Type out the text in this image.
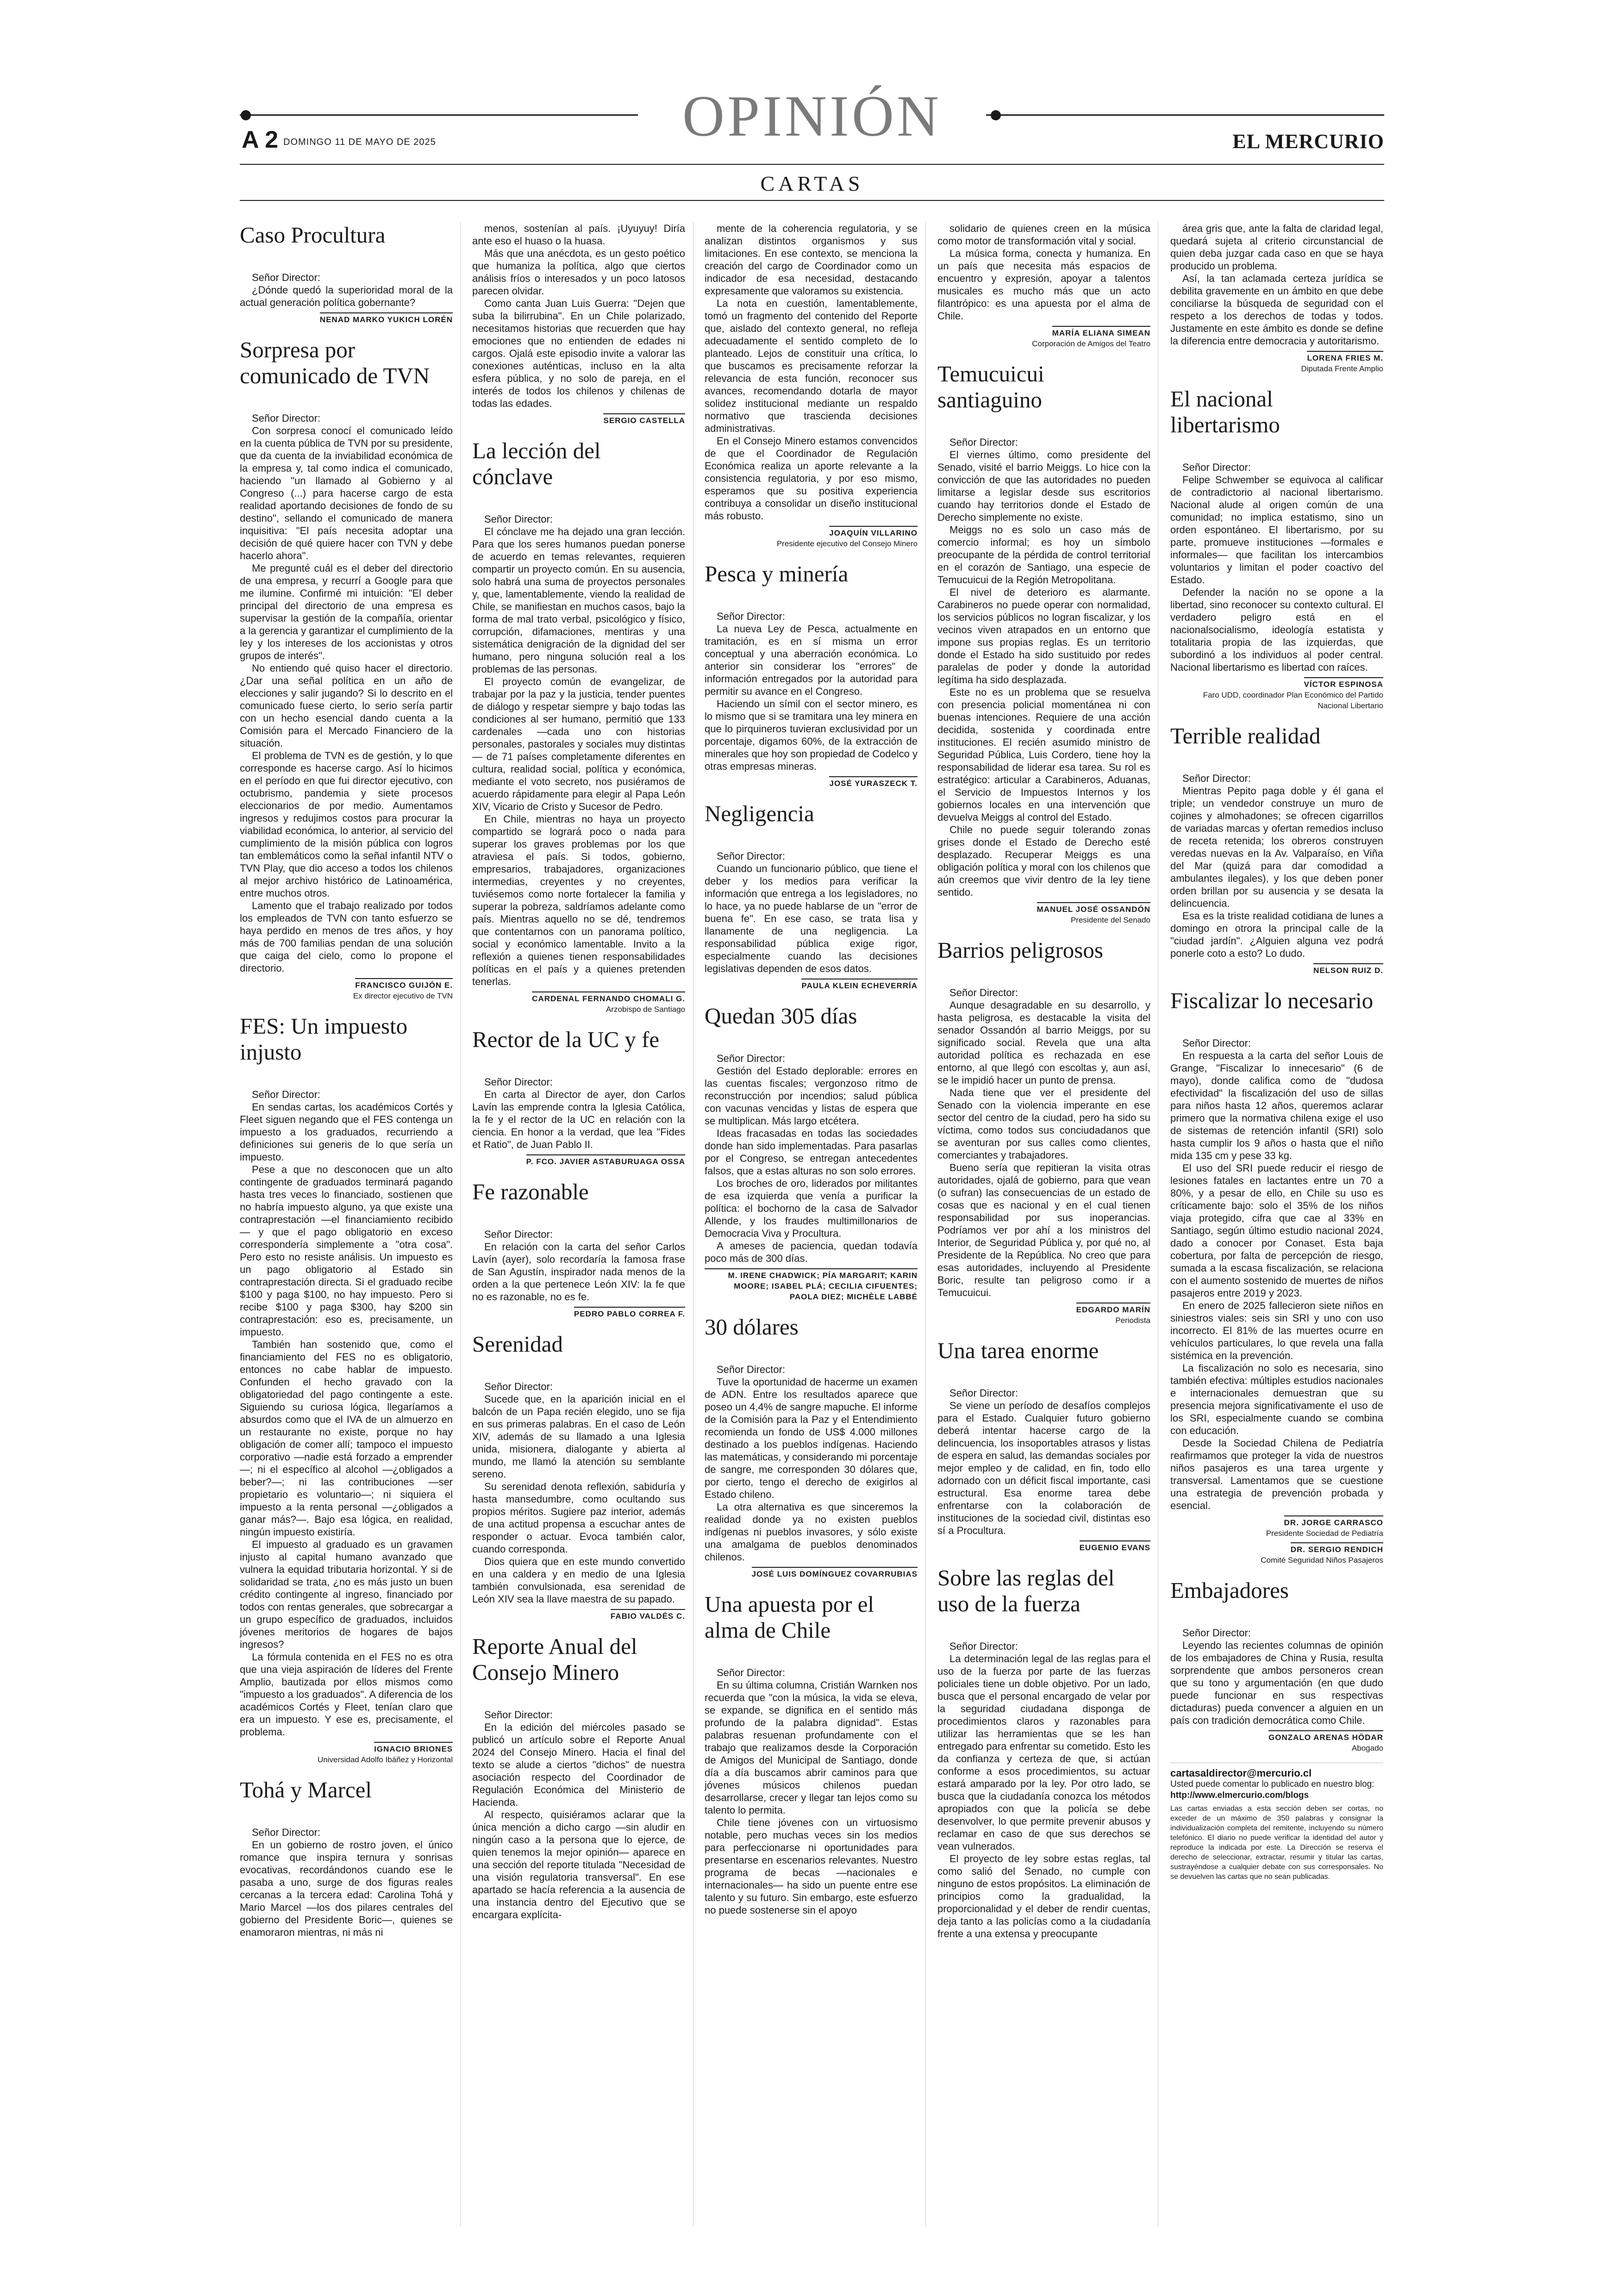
OPINIÓN
A 2 DOMINGO 11 DE MAYO DE 2025	EL MERCURIO
CARTAS
Caso Procultura
Señor Director:

¿Dónde quedó la superioridad moral de la actual generación política gobernante?

NENAD MARKO YUKICH LORÉN
Sorpresa por comunicado de TVN
Señor Director:

Con sorpresa conocí el comunicado leído en la cuenta pública de TVN por su presidente, que da cuenta de la inviabilidad económica de la empresa y, tal como indica el comunicado, haciendo "un llamado al Gobierno y al Congreso (...) para hacerse cargo de esta realidad aportando decisiones de fondo de su destino", sellando el comunicado de manera inquisitiva: "El país necesita adoptar una decisión de qué quiere hacer con TVN y debe hacerlo ahora".

Me pregunté cuál es el deber del directorio de una empresa, y recurrí a Google para que me ilumine. Confirmé mi intuición: "El deber principal del directorio de una empresa es supervisar la gestión de la compañía, orientar a la gerencia y garantizar el cumplimiento de la ley y los intereses de los accionistas y otros grupos de interés".

No entiendo qué quiso hacer el directorio. ¿Dar una señal política en un año de elecciones y salir jugando? Si lo descrito en el comunicado fuese cierto, lo serio sería partir con un hecho esencial dando cuenta a la Comisión para el Mercado Financiero de la situación.

El problema de TVN es de gestión, y lo que corresponde es hacerse cargo. Así lo hicimos en el período en que fui director ejecutivo, con octubrismo, pandemia y siete procesos eleccionarios de por medio. Aumentamos ingresos y redujimos costos para procurar la viabilidad económica, lo anterior, al servicio del cumplimiento de la misión pública con logros tan emblemáticos como la señal infantil NTV o TVN Play, que dio acceso a todos los chilenos al mejor archivo histórico de Latinoamérica, entre muchos otros.

Lamento que el trabajo realizado por todos los empleados de TVN con tanto esfuerzo se haya perdido en menos de tres años, y hoy más de 700 familias pendan de una solución que caiga del cielo, como lo propone el directorio.

FRANCISCO GUIJÓN E.
Ex director ejecutivo de TVN
FES: Un impuesto injusto
Señor Director:

En sendas cartas, los académicos Cortés y Fleet siguen negando que el FES contenga un impuesto a los graduados, recurriendo a definiciones sui generis de lo que sería un impuesto.

Pese a que no desconocen que un alto contingente de graduados terminará pagando hasta tres veces lo financiado, sostienen que no habría impuesto alguno, ya que existe una contraprestación —el financiamiento recibido— y que el pago obligatorio en exceso correspondería simplemente a "otra cosa". Pero esto no resiste análisis. Un impuesto es un pago obligatorio al Estado sin contraprestación directa. Si el graduado recibe $100 y paga $100, no hay impuesto. Pero si recibe $100 y paga $300, hay $200 sin contraprestación: eso es, precisamente, un impuesto.

También han sostenido que, como el financiamiento del FES no es obligatorio, entonces no cabe hablar de impuesto. Confunden el hecho gravado con la obligatoriedad del pago contingente a este. Siguiendo su curiosa lógica, llegaríamos a absurdos como que el IVA de un almuerzo en un restaurante no existe, porque no hay obligación de comer allí; tampoco el impuesto corporativo —nadie está forzado a emprender—; ni el específico al alcohol —¿obligados a beber?—; ni las contribuciones —ser propietario es voluntario—; ni siquiera el impuesto a la renta personal —¿obligados a ganar más?—. Bajo esa lógica, en realidad, ningún impuesto existiría.

El impuesto al graduado es un gravamen injusto al capital humano avanzado que vulnera la equidad tributaria horizontal. Y si de solidaridad se trata, ¿no es más justo un buen crédito contingente al ingreso, financiado por todos con rentas generales, que sobrecargar a un grupo específico de graduados, incluidos jóvenes meritorios de hogares de bajos ingresos?

La fórmula contenida en el FES no es otra que una vieja aspiración de líderes del Frente Amplio, bautizada por ellos mismos como "impuesto a los graduados". A diferencia de los académicos Cortés y Fleet, tenían claro que era un impuesto. Y ese es, precisamente, el problema.

IGNACIO BRIONES
Universidad Adolfo Ibáñez y Horizontal
Tohá y Marcel
Señor Director:

En un gobierno de rostro joven, el único romance que inspira ternura y sonrisas evocativas, recordándonos cuando ese le pasaba a uno, surge de dos figuras reales cercanas a la tercera edad: Carolina Tohá y Mario Marcel —los dos pilares centrales del gobierno del Presidente Boric—, quienes se enamoraron mientras, ni más ni

menos, sostenían al país. ¡Uyuyuy! Diría ante eso el huaso o la huasa.

Más que una anécdota, es un gesto poético que humaniza la política, algo que ciertos análisis fríos o interesados y un poco latosos parecen olvidar.

Como canta Juan Luis Guerra: "Dejen que suba la bilirrubina". En un Chile polarizado, necesitamos historias que recuerden que hay emociones que no entienden de edades ni cargos. Ojalá este episodio invite a valorar las conexiones auténticas, incluso en la alta esfera pública, y no solo de pareja, en el interés de todos los chilenos y chilenas de todas las edades.

SERGIO CASTELLA
La lección del cónclave
Señor Director:

El cónclave me ha dejado una gran lección. Para que los seres humanos puedan ponerse de acuerdo en temas relevantes, requieren compartir un proyecto común. En su ausencia, solo habrá una suma de proyectos personales y, que, lamentablemente, viendo la realidad de Chile, se manifiestan en muchos casos, bajo la forma de mal trato verbal, psicológico y físico, corrupción, difamaciones, mentiras y una sistemática denigración de la dignidad del ser humano, pero ninguna solución real a los problemas de las personas.

El proyecto común de evangelizar, de trabajar por la paz y la justicia, tender puentes de diálogo y respetar siempre y bajo todas las condiciones al ser humano, permitió que 133 cardenales —cada uno con historias personales, pastorales y sociales muy distintas— de 71 países completamente diferentes en cultura, realidad social, política y económica, mediante el voto secreto, nos pusiéramos de acuerdo rápidamente para elegir al Papa León XIV, Vicario de Cristo y Sucesor de Pedro.

En Chile, mientras no haya un proyecto compartido se logrará poco o nada para superar los graves problemas por los que atraviesa el país. Si todos, gobierno, empresarios, trabajadores, organizaciones intermedias, creyentes y no creyentes, tuviésemos como norte fortalecer la familia y superar la pobreza, saldríamos adelante como país. Mientras aquello no se dé, tendremos que contentarnos con un panorama político, social y económico lamentable. Invito a la reflexión a quienes tienen responsabilidades políticas en el país y a quienes pretenden tenerlas.

CARDENAL FERNANDO CHOMALI G.
Arzobispo de Santiago
Rector de la UC y fe
Señor Director:

En carta al Director de ayer, don Carlos Lavín las emprende contra la Iglesia Católica, la fe y el rector de la UC en relación con la ciencia. En honor a la verdad, que lea "Fides et Ratio", de Juan Pablo II.

P. FCO. JAVIER ASTABURUAGA OSSA
Fe razonable
Señor Director:

En relación con la carta del señor Carlos Lavín (ayer), solo recordaría la famosa frase de San Agustín, inspirador nada menos de la orden a la que pertenece León XIV: la fe que no es razonable, no es fe.

PEDRO PABLO CORREA F.
Serenidad
Señor Director:

Sucede que, en la aparición inicial en el balcón de un Papa recién elegido, uno se fija en sus primeras palabras. En el caso de León XIV, además de su llamado a una Iglesia unida, misionera, dialogante y abierta al mundo, me llamó la atención su semblante sereno.

Su serenidad denota reflexión, sabiduría y hasta mansedumbre, como ocultando sus propios méritos. Sugiere paz interior, además de una actitud propensa a escuchar antes de responder o actuar. Evoca también calor, cuando corresponda.

Dios quiera que en este mundo convertido en una caldera y en medio de una Iglesia también convulsionada, esa serenidad de León XIV sea la llave maestra de su papado.

FABIO VALDÉS C.
Reporte Anual del Consejo Minero
Señor Director:

En la edición del miércoles pasado se publicó un artículo sobre el Reporte Anual 2024 del Consejo Minero. Hacia el final del texto se alude a ciertos "dichos" de nuestra asociación respecto del Coordinador de Regulación Económica del Ministerio de Hacienda.

Al respecto, quisiéramos aclarar que la única mención a dicho cargo —sin aludir en ningún caso a la persona que lo ejerce, de quien tenemos la mejor opinión— aparece en una sección del reporte titulada "Necesidad de una visión regulatoria transversal". En ese apartado se hacía referencia a la ausencia de una instancia dentro del Ejecutivo que se encargara explícita-

mente de la coherencia regulatoria, y se analizan distintos organismos y sus limitaciones. En ese contexto, se menciona la creación del cargo de Coordinador como un indicador de esa necesidad, destacando expresamente que valoramos su existencia.

La nota en cuestión, lamentablemente, tomó un fragmento del contenido del Reporte que, aislado del contexto general, no refleja adecuadamente el sentido completo de lo planteado. Lejos de constituir una crítica, lo que buscamos es precisamente reforzar la relevancia de esta función, reconocer sus avances, recomendando dotarla de mayor solidez institucional mediante un respaldo normativo que trascienda decisiones administrativas.

En el Consejo Minero estamos convencidos de que el Coordinador de Regulación Económica realiza un aporte relevante a la consistencia regulatoria, y por eso mismo, esperamos que su positiva experiencia contribuya a consolidar un diseño institucional más robusto.

JOAQUÍN VILLARINO
Presidente ejecutivo del Consejo Minero
Pesca y minería
Señor Director:

La nueva Ley de Pesca, actualmente en tramitación, es en sí misma un error conceptual y una aberración económica. Lo anterior sin considerar los "errores" de información entregados por la autoridad para permitir su avance en el Congreso.

Haciendo un símil con el sector minero, es lo mismo que si se tramitara una ley minera en que lo pirquineros tuvieran exclusividad por un porcentaje, digamos 60%, de la extracción de minerales que hoy son propiedad de Codelco y otras empresas mineras.

JOSÉ YURASZECK T.
Negligencia
Señor Director:

Cuando un funcionario público, que tiene el deber y los medios para verificar la información que entrega a los legisladores, no lo hace, ya no puede hablarse de un "error de buena fe". En ese caso, se trata lisa y llanamente de una negligencia. La responsabilidad pública exige rigor, especialmente cuando las decisiones legislativas dependen de esos datos.

PAULA KLEIN ECHEVERRÍA
Quedan 305 días
Señor Director:

Gestión del Estado deplorable: errores en las cuentas fiscales; vergonzoso ritmo de reconstrucción por incendios; salud pública con vacunas vencidas y listas de espera que se multiplican. Más largo etcétera.

Ideas fracasadas en todas las sociedades donde han sido implementadas. Para pasarlas por el Congreso, se entregan antecedentes falsos, que a estas alturas no son solo errores.

Los broches de oro, liderados por militantes de esa izquierda que venía a purificar la política: el bochorno de la casa de Salvador Allende, y los fraudes multimillonarios de Democracia Viva y Procultura.

A ameses de paciencia, quedan todavía poco más de 300 días.

M. IRENE CHADWICK; PÍA MARGARIT; KARIN MOORE; ISABEL PLÁ; CECILIA CIFUENTES; PAOLA DIEZ; MICHÈLE LABBÉ
30 dólares
Señor Director:

Tuve la oportunidad de hacerme un examen de ADN. Entre los resultados aparece que poseo un 4,4% de sangre mapuche. El informe de la Comisión para la Paz y el Entendimiento recomienda un fondo de US$ 4.000 millones destinado a los pueblos indígenas. Haciendo las matemáticas, y considerando mi porcentaje de sangre, me corresponden 30 dólares que, por cierto, tengo el derecho de exigirlos al Estado chileno.

La otra alternativa es que sinceremos la realidad donde ya no existen pueblos indígenas ni pueblos invasores, y sólo existe una amalgama de pueblos denominados chilenos.

JOSÉ LUIS DOMÍNGUEZ COVARRUBIAS
Una apuesta por el alma de Chile
Señor Director:

En su última columna, Cristián Warnken nos recuerda que "con la música, la vida se eleva, se expande, se dignifica en el sentido más profundo de la palabra dignidad". Estas palabras resuenan profundamente con el trabajo que realizamos desde la Corporación de Amigos del Municipal de Santiago, donde día a día buscamos abrir caminos para que jóvenes músicos chilenos puedan desarrollarse, crecer y llegar tan lejos como su talento lo permita.

Chile tiene jóvenes con un virtuosismo notable, pero muchas veces sin los medios para perfeccionarse ni oportunidades para presentarse en escenarios relevantes. Nuestro programa de becas —nacionales e internacionales— ha sido un puente entre ese talento y su futuro. Sin embargo, este esfuerzo no puede sostenerse sin el apoyo

solidario de quienes creen en la música como motor de transformación vital y social.

La música forma, conecta y humaniza. En un país que necesita más espacios de encuentro y expresión, apoyar a talentos musicales es mucho más que un acto filantrópico: es una apuesta por el alma de Chile.

MARÍA ELIANA SIMEAN
Corporación de Amigos del Teatro
Temucuicui santiaguino
Señor Director:

El viernes último, como presidente del Senado, visité el barrio Meiggs. Lo hice con la convicción de que las autoridades no pueden limitarse a legislar desde sus escritorios cuando hay territorios donde el Estado de Derecho simplemente no existe.

Meiggs no es solo un caso más de comercio informal; es hoy un símbolo preocupante de la pérdida de control territorial en el corazón de Santiago, una especie de Temucuicui de la Región Metropolitana.

El nivel de deterioro es alarmante. Carabineros no puede operar con normalidad, los servicios públicos no logran fiscalizar, y los vecinos viven atrapados en un entorno que impone sus propias reglas. Es un territorio donde el Estado ha sido sustituido por redes paralelas de poder y donde la autoridad legítima ha sido desplazada.

Este no es un problema que se resuelva con presencia policial momentánea ni con buenas intenciones. Requiere de una acción decidida, sostenida y coordinada entre instituciones. El recién asumido ministro de Seguridad Pública, Luis Cordero, tiene hoy la responsabilidad de liderar esa tarea. Su rol es estratégico: articular a Carabineros, Aduanas, el Servicio de Impuestos Internos y los gobiernos locales en una intervención que devuelva Meiggs al control del Estado.

Chile no puede seguir tolerando zonas grises donde el Estado de Derecho esté desplazado. Recuperar Meiggs es una obligación política y moral con los chilenos que aún creemos que vivir dentro de la ley tiene sentido.

MANUEL JOSÉ OSSANDÓN
Presidente del Senado
Barrios peligrosos
Señor Director:

Aunque desagradable en su desarrollo, y hasta peligrosa, es destacable la visita del senador Ossandón al barrio Meiggs, por su significado social. Revela que una alta autoridad política es rechazada en ese entorno, al que llegó con escoltas y, aun así, se le impidió hacer un punto de prensa.

Nada tiene que ver el presidente del Senado con la violencia imperante en ese sector del centro de la ciudad, pero ha sido su víctima, como todos sus conciudadanos que se aventuran por sus calles como clientes, comerciantes y trabajadores.

Bueno sería que repitieran la visita otras autoridades, ojalá de gobierno, para que vean (o sufran) las consecuencias de un estado de cosas que es nacional y en el cual tienen responsabilidad por sus inoperancias. Podríamos ver por ahí a los ministros del Interior, de Seguridad Pública y, por qué no, al Presidente de la República. No creo que para esas autoridades, incluyendo al Presidente Boric, resulte tan peligroso como ir a Temucuicui.

EDGARDO MARÍN
Periodista
Una tarea enorme
Señor Director:

Se viene un período de desafíos complejos para el Estado. Cualquier futuro gobierno deberá intentar hacerse cargo de la delincuencia, los insoportables atrasos y listas de espera en salud, las demandas sociales por mejor empleo y de calidad, en fin, todo ello adornado con un déficit fiscal importante, casi estructural. Esa enorme tarea debe enfrentarse con la colaboración de instituciones de la sociedad civil, distintas eso sí a Procultura.

EUGENIO EVANS
Sobre las reglas del uso de la fuerza
Señor Director:

La determinación legal de las reglas para el uso de la fuerza por parte de las fuerzas policiales tiene un doble objetivo. Por un lado, busca que el personal encargado de velar por la seguridad ciudadana disponga de procedimientos claros y razonables para utilizar las herramientas que se les han entregado para enfrentar su cometido. Esto les da confianza y certeza de que, si actúan conforme a esos procedimientos, su actuar estará amparado por la ley. Por otro lado, se busca que la ciudadanía conozca los métodos apropiados con que la policía se debe desenvolver, lo que permite prevenir abusos y reclamar en caso de que sus derechos se vean vulnerados.

El proyecto de ley sobre estas reglas, tal como salió del Senado, no cumple con ninguno de estos propósitos. La eliminación de principios como la gradualidad, la proporcionalidad y el deber de rendir cuentas, deja tanto a las policías como a la ciudadanía frente a una extensa y preocupante

área gris que, ante la falta de claridad legal, quedará sujeta al criterio circunstancial de quien deba juzgar cada caso en que se haya producido un problema.

Así, la tan aclamada certeza jurídica se debilita gravemente en un ámbito en que debe conciliarse la búsqueda de seguridad con el respeto a los derechos de todas y todos. Justamente en este ámbito es donde se define la diferencia entre democracia y autoritarismo.

LORENA FRIES M.
Diputada Frente Amplio
El nacional libertarismo
Señor Director:

Felipe Schwember se equivoca al calificar de contradictorio al nacional libertarismo. Nacional alude al origen común de una comunidad; no implica estatismo, sino un orden espontáneo. El libertarismo, por su parte, promueve instituciones —formales e informales— que facilitan los intercambios voluntarios y limitan el poder coactivo del Estado.

Defender la nación no se opone a la libertad, sino reconocer su contexto cultural. El verdadero peligro está en el nacionalsocialismo, ideología estatista y totalitaria propia de las izquierdas, que subordinó a los individuos al poder central. Nacional libertarismo es libertad con raíces.

VÍCTOR ESPINOSA
Faro UDD, coordinador Plan Económico del Partido Nacional Libertario
Terrible realidad
Señor Director:

Mientras Pepito paga doble y él gana el triple; un vendedor construye un muro de cojines y almohadones; se ofrecen cigarrillos de variadas marcas y ofertan remedios incluso de receta retenida; los obreros construyen veredas nuevas en la Av. Valparaíso, en Viña del Mar (quizá para dar comodidad a ambulantes ilegales), y los que deben poner orden brillan por su ausencia y se desata la delincuencia.

Esa es la triste realidad cotidiana de lunes a domingo en otrora la principal calle de la "ciudad jardín". ¿Alguien alguna vez podrá ponerle coto a esto? Lo dudo.

NELSON RUIZ D.
Fiscalizar lo necesario
Señor Director:

En respuesta a la carta del señor Louis de Grange, "Fiscalizar lo innecesario" (6 de mayo), donde califica como de "dudosa efectividad" la fiscalización del uso de sillas para niños hasta 12 años, queremos aclarar primero que la normativa chilena exige el uso de sistemas de retención infantil (SRI) solo hasta cumplir los 9 años o hasta que el niño mida 135 cm y pese 33 kg.

El uso del SRI puede reducir el riesgo de lesiones fatales en lactantes entre un 70 a 80%, y a pesar de ello, en Chile su uso es críticamente bajo: solo el 35% de los niños viaja protegido, cifra que cae al 33% en Santiago, según último estudio nacional 2024, dado a conocer por Conaset. Esta baja cobertura, por falta de percepción de riesgo, sumada a la escasa fiscalización, se relaciona con el aumento sostenido de muertes de niños pasajeros entre 2019 y 2023.

En enero de 2025 fallecieron siete niños en siniestros viales: seis sin SRI y uno con uso incorrecto. El 81% de las muertes ocurre en vehículos particulares, lo que revela una falla sistémica en la prevención.

La fiscalización no solo es necesaria, sino también efectiva: múltiples estudios nacionales e internacionales demuestran que su presencia mejora significativamente el uso de los SRI, especialmente cuando se combina con educación.

Desde la Sociedad Chilena de Pediatría reafirmamos que proteger la vida de nuestros niños pasajeros es una tarea urgente y transversal. Lamentamos que se cuestione una estrategia de prevención probada y esencial.

DR. JORGE CARRASCO
Presidente Sociedad de Pediatría
DR. SERGIO RENDICH
Comité Seguridad Niños Pasajeros
Embajadores
Señor Director:

Leyendo las recientes columnas de opinión de los embajadores de China y Rusia, resulta sorprendente que ambos personeros crean que su tono y argumentación (en que dudo puede funcionar en sus respectivas dictaduras) pueda convencer a alguien en un país con tradición democrática como Chile.

GONZALO ARENAS HÖDAR
Abogado
cartasaldirector@mercurio.cl
Usted puede comentar lo publicado en nuestro blog:
http://www.elmercurio.com/blogs
Las cartas enviadas a esta sección deben ser cortas, no exceder de un máximo de 350 palabras y consignar la individualización completa del remitente, incluyendo su número telefónico. El diario no puede verificar la identidad del autor y reproduce la indicada por este. La Dirección se reserva el derecho de seleccionar, extractar, resumir y titular las cartas, sustrayéndose a cualquier debate con sus corresponsales. No se devuelven las cartas que no sean publicadas.
